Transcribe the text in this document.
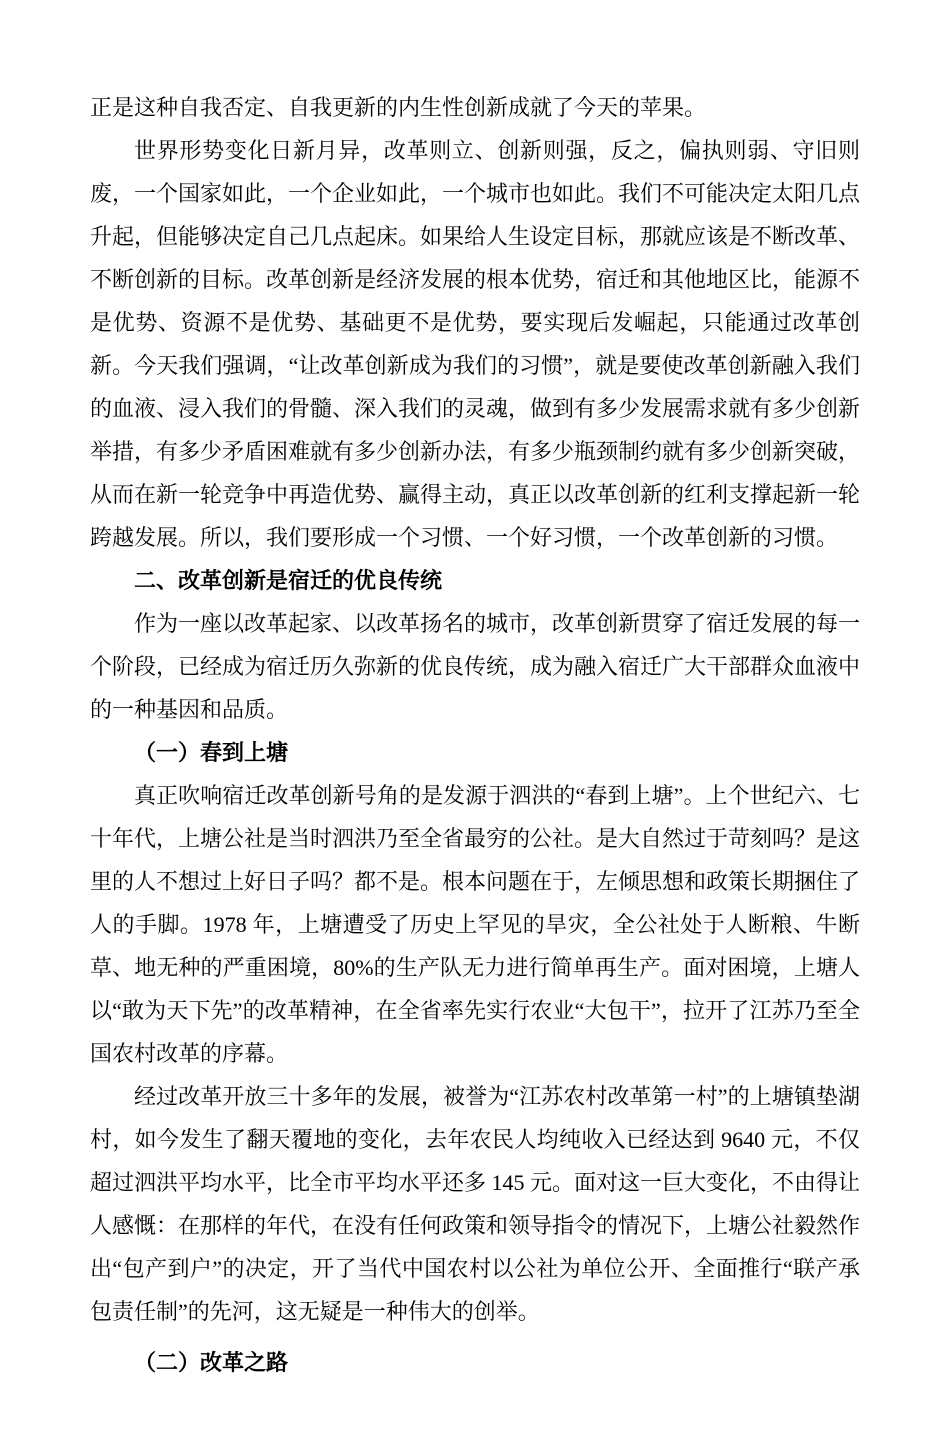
正是这种自我否定、自我更新的内生性创新成就了今天的苹果。

世界形势变化日新月异，改革则立、创新则强，反之，偏执则弱、守旧则废，一个国家如此，一个企业如此，一个城市也如此。我们不可能决定太阳几点升起，但能够决定自己几点起床。如果给人生设定目标，那就应该是不断改革、不断创新的目标。改革创新是经济发展的根本优势，宿迁和其他地区比，能源不是优势、资源不是优势、基础更不是优势，要实现后发崛起，只能通过改革创新。今天我们强调，“让改革创新成为我们的习惯”，就是要使改革创新融入我们的血液、浸入我们的骨髓、深入我们的灵魂，做到有多少发展需求就有多少创新举措，有多少矛盾困难就有多少创新办法，有多少瓶颈制约就有多少创新突破，从而在新一轮竞争中再造优势、赢得主动，真正以改革创新的红利支撑起新一轮跨越发展。所以，我们要形成一个习惯、一个好习惯，一个改革创新的习惯。

二、改革创新是宿迁的优良传统

作为一座以改革起家、以改革扬名的城市，改革创新贯穿了宿迁发展的每一个阶段，已经成为宿迁历久弥新的优良传统，成为融入宿迁广大干部群众血液中的一种基因和品质。

（一）春到上塘

真正吹响宿迁改革创新号角的是发源于泗洪的“春到上塘”。上个世纪六、七十年代，上塘公社是当时泗洪乃至全省最穷的公社。是大自然过于苛刻吗？是这里的人不想过上好日子吗？都不是。根本问题在于，左倾思想和政策长期捆住了人的手脚。1978 年，上塘遭受了历史上罕见的旱灾，全公社处于人断粮、牛断草、地无种的严重困境，80%的生产队无力进行简单再生产。面对困境，上塘人以“敢为天下先”的改革精神，在全省率先实行农业“大包干”，拉开了江苏乃至全国农村改革的序幕。

经过改革开放三十多年的发展，被誉为“江苏农村改革第一村”的上塘镇垫湖村，如今发生了翻天覆地的变化，去年农民人均纯收入已经达到 9640 元，不仅超过泗洪平均水平，比全市平均水平还多 145 元。面对这一巨大变化，不由得让人感慨：在那样的年代，在没有任何政策和领导指令的情况下，上塘公社毅然作出“包产到户”的决定，开了当代中国农村以公社为单位公开、全面推行“联产承包责任制”的先河，这无疑是一种伟大的创举。

（二）改革之路
